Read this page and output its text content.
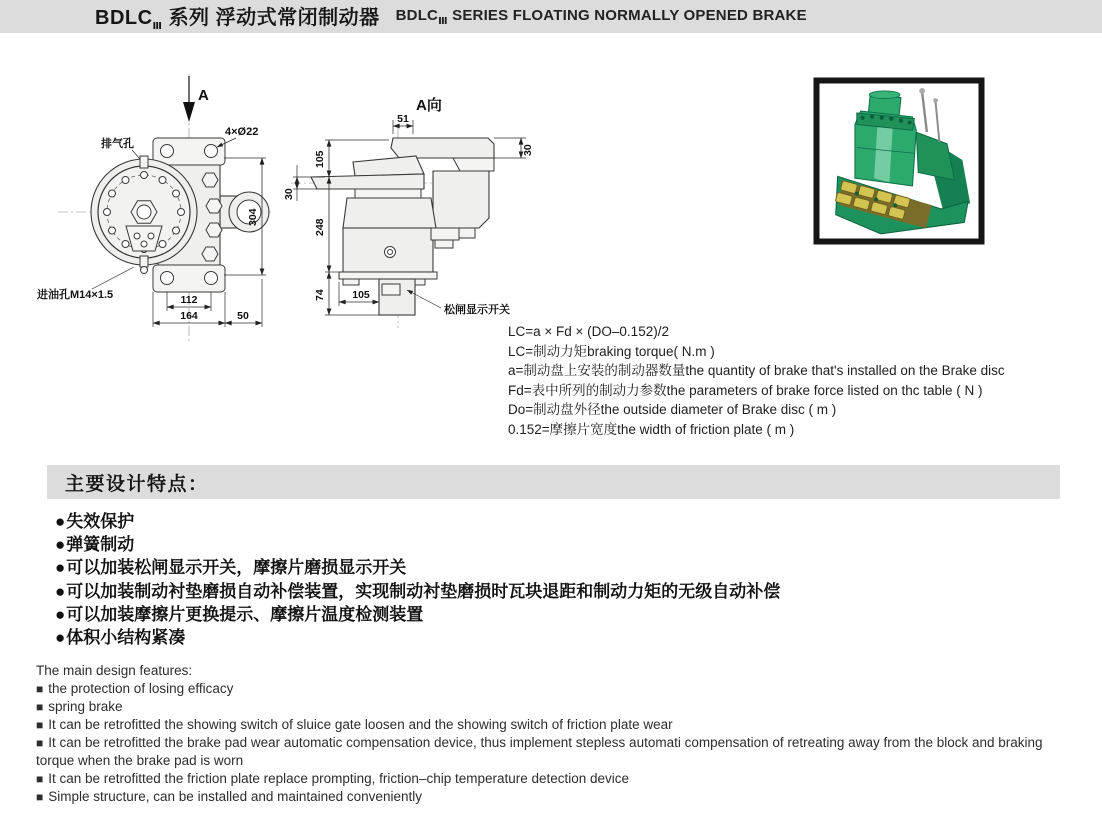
$BDLC_Ⅲ$ 系列 浮动式常闭制动器 $BDLC_Ⅲ$ SERIES FLOATING NORMALLY OPENED BRAKE
A
排气孔
4×Ø22
进油孔M14×1.5
304
112
164	50
A向
51
30
105
30
248
74 105
松闸显示开关
LC=a × Fd × (DO–0.152)/2
LC=制动力矩braking torque( N.m )
a=制动盘上安装的制动器数量the quantity of brake that's installed on the Brake disc
Fd=表中所列的制动力参数the parameters of brake force listed on thc table ( N )
Do=制动盘外径the outside diameter of Brake disc ( m )
0.152=摩擦片宽度the width of friction plate ( m )
主要设计特点：
●失效保护
●弹簧制动
●可以加装松闸显示开关，摩擦片磨损显示开关
●可以加装制动衬垫磨损自动补偿装置，实现制动衬垫磨损时瓦块退距和制动力矩的无级自动补偿
●可以加装摩擦片更换提示、摩擦片温度检测装置
●体积小结构紧凑
The main design features:
■ the protection of losing efficacy
■ spring brake
■ It can be retrofitted the showing switch of sluice gate loosen and the showing switch of friction plate wear
■ It can be retrofitted the brake pad wear automatic compensation device, thus implement stepless automati compensation of retreating away from the block and braking torque when the brake pad is worn
■ It can be retrofitted the friction plate replace prompting, friction–chip temperature detection device
■ Simple structure, can be installed and maintained conveniently
